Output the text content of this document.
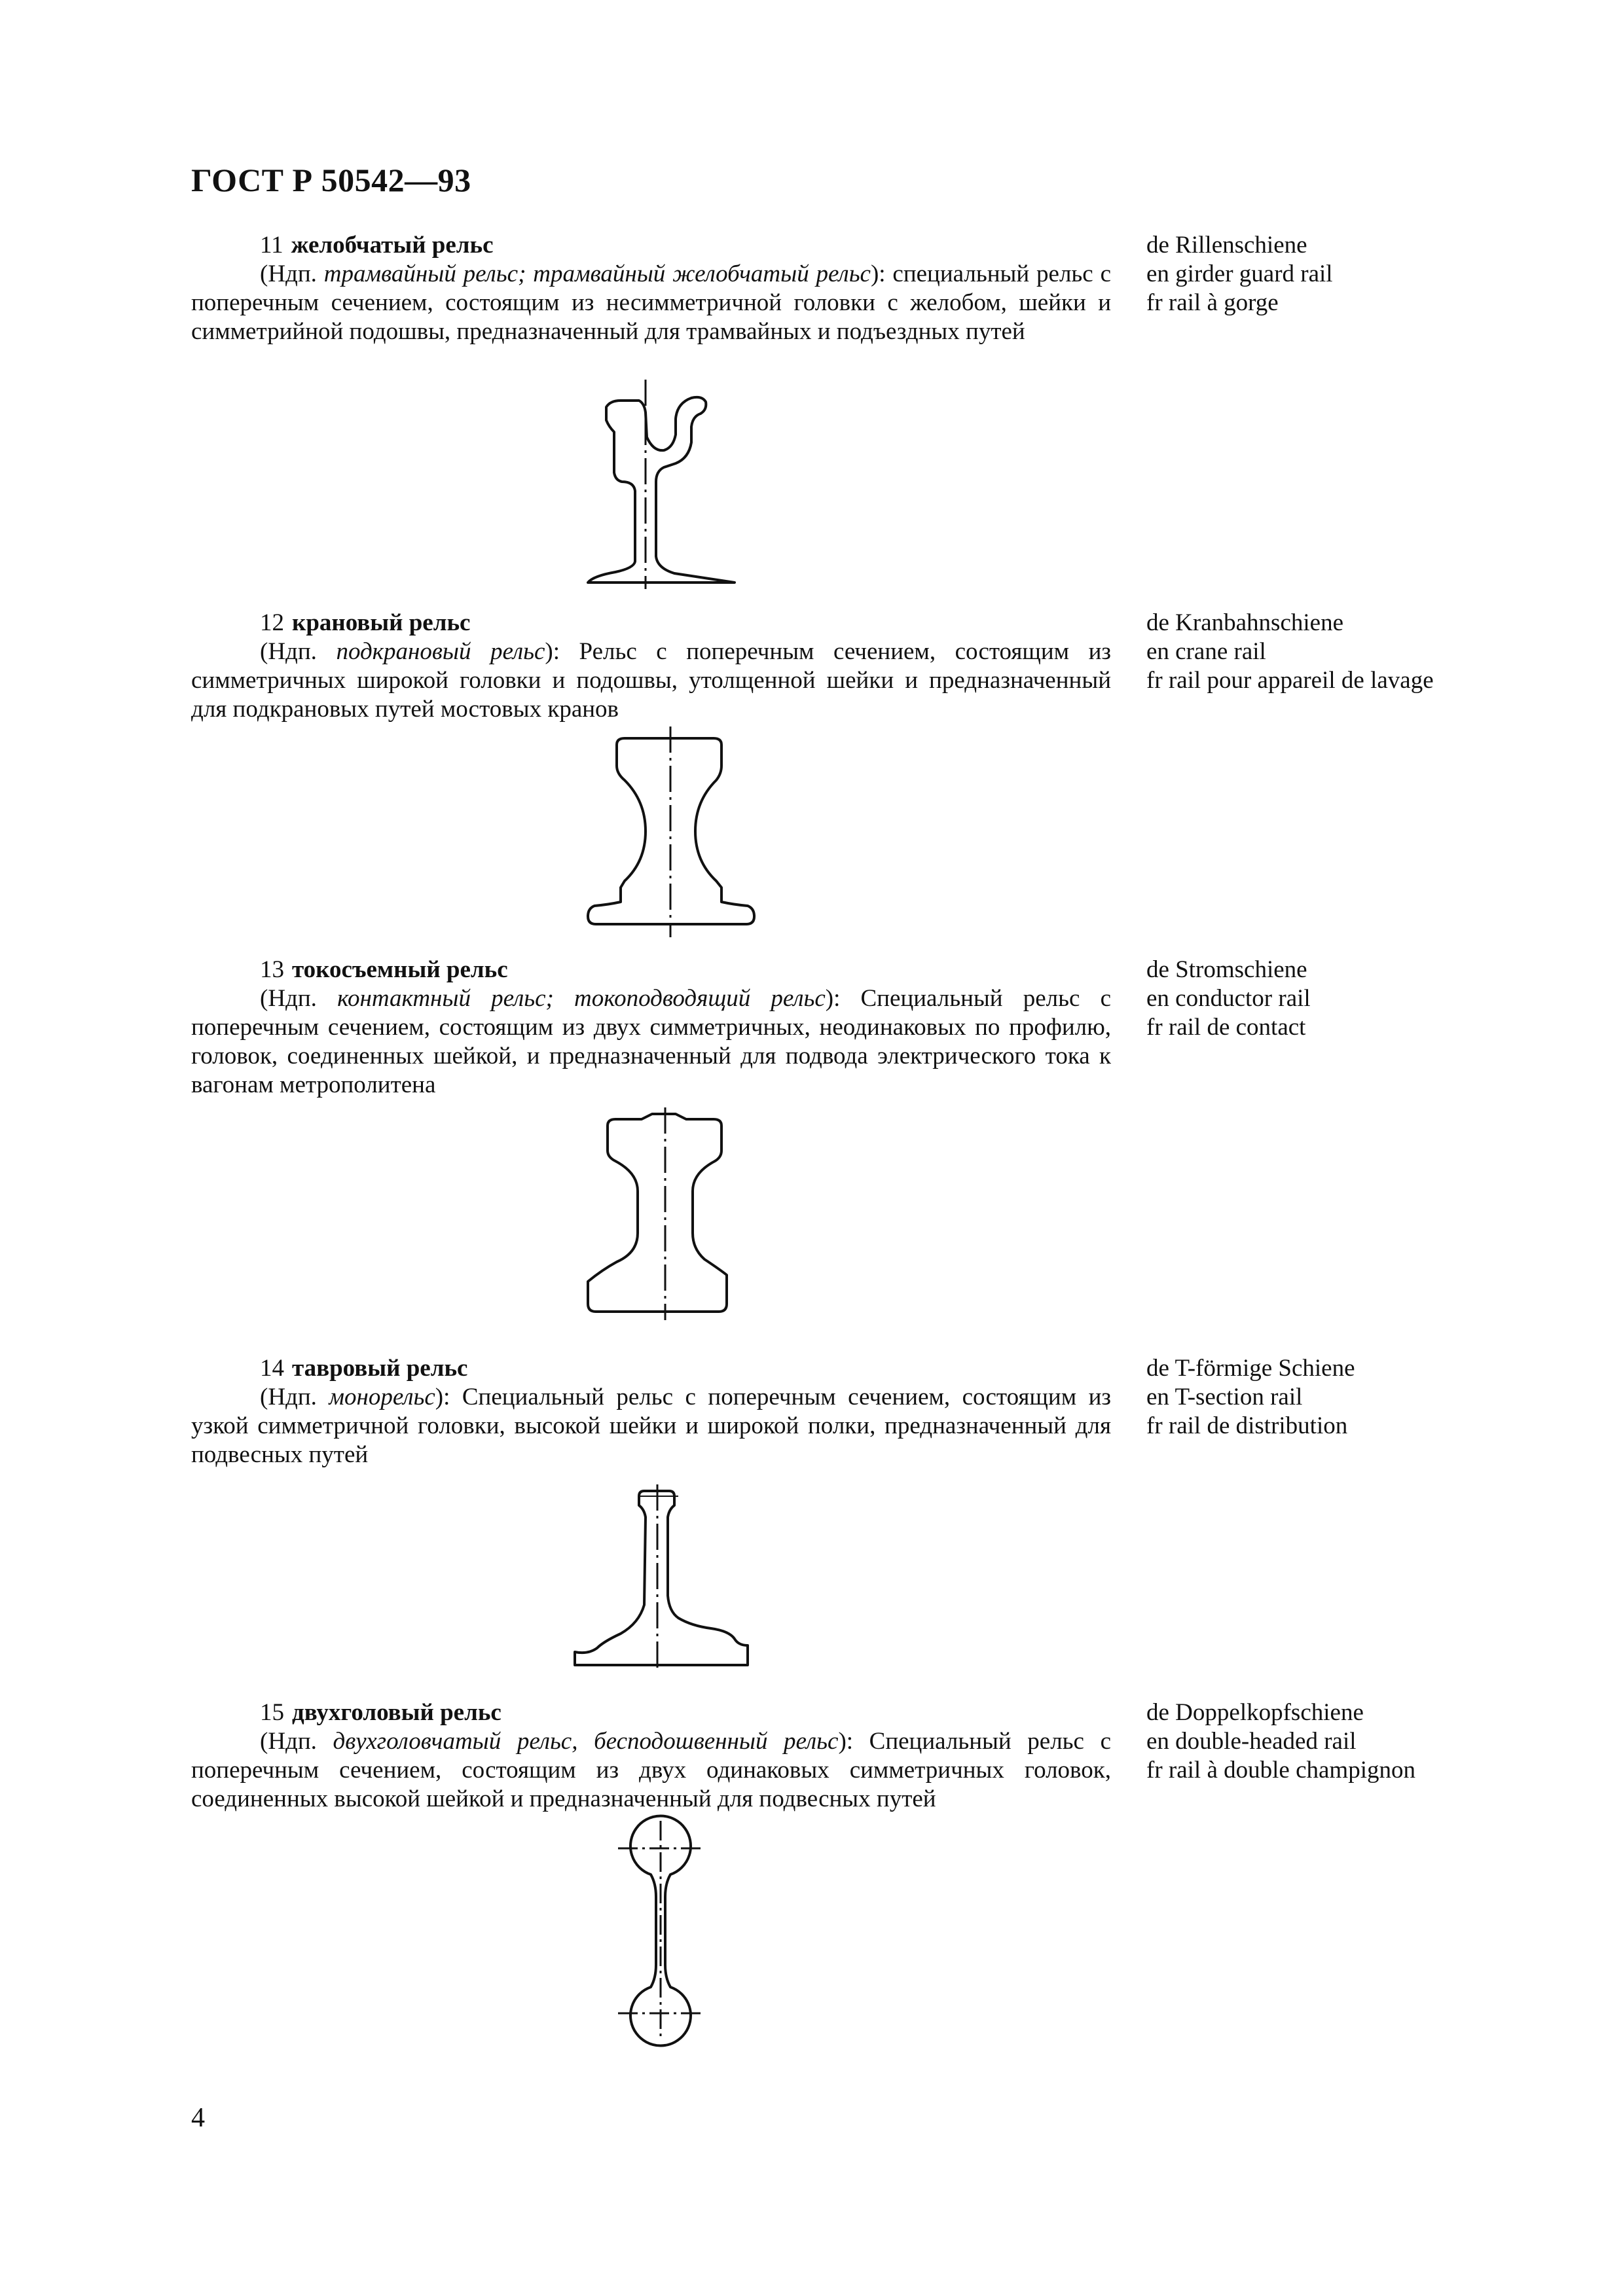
ГОСТ Р 50542—93
11 желобчатый рельс
(Ндп. трамвайный рельс; трамвайный желобчатый рельс): специальный рельс с поперечным сечением, состоящим из несимметричной головки с желобом, шейки и симметрийной подошвы, предназначенный для трамвайных и подъездных путей
de Rillenschiene
en girder guard rail
fr rail à gorge
12 крановый рельс
(Ндп. подкрановый рельс): Рельс с поперечным сечением, состоящим из симметричных широкой головки и подошвы, утолщенной шейки и предназначенный для подкрановых путей мостовых кранов
de Kranbahnschiene
en crane rail
fr rail pour appareil de lavage
13 токосъемный рельс
(Ндп. контактный рельс; токоподводящий рельс): Специальный рельс с поперечным сечением, состоящим из двух симметричных, неодинаковых по профилю, головок, соединенных шейкой, и предназначенный для подвода электрического тока к вагонам метрополитена
de Stromschiene
en conductor rail
fr rail de contact
14 тавровый рельс
(Ндп. монорельс): Специальный рельс с поперечным сечением, состоящим из узкой симметричной головки, высокой шейки и широкой полки, предназначенный для подвесных путей
de T-förmige Schiene
en T-section rail
fr rail de distribution
15 двухголовый рельс
(Ндп. двухголовчатый рельс, бесподошвенный рельс): Специальный рельс с поперечным сечением, состоящим из двух одинаковых симметричных головок, соединенных высокой шейкой и предназначенный для подвесных путей
de Doppelkopfschiene
en double-headed rail
fr rail à double champignon
4
